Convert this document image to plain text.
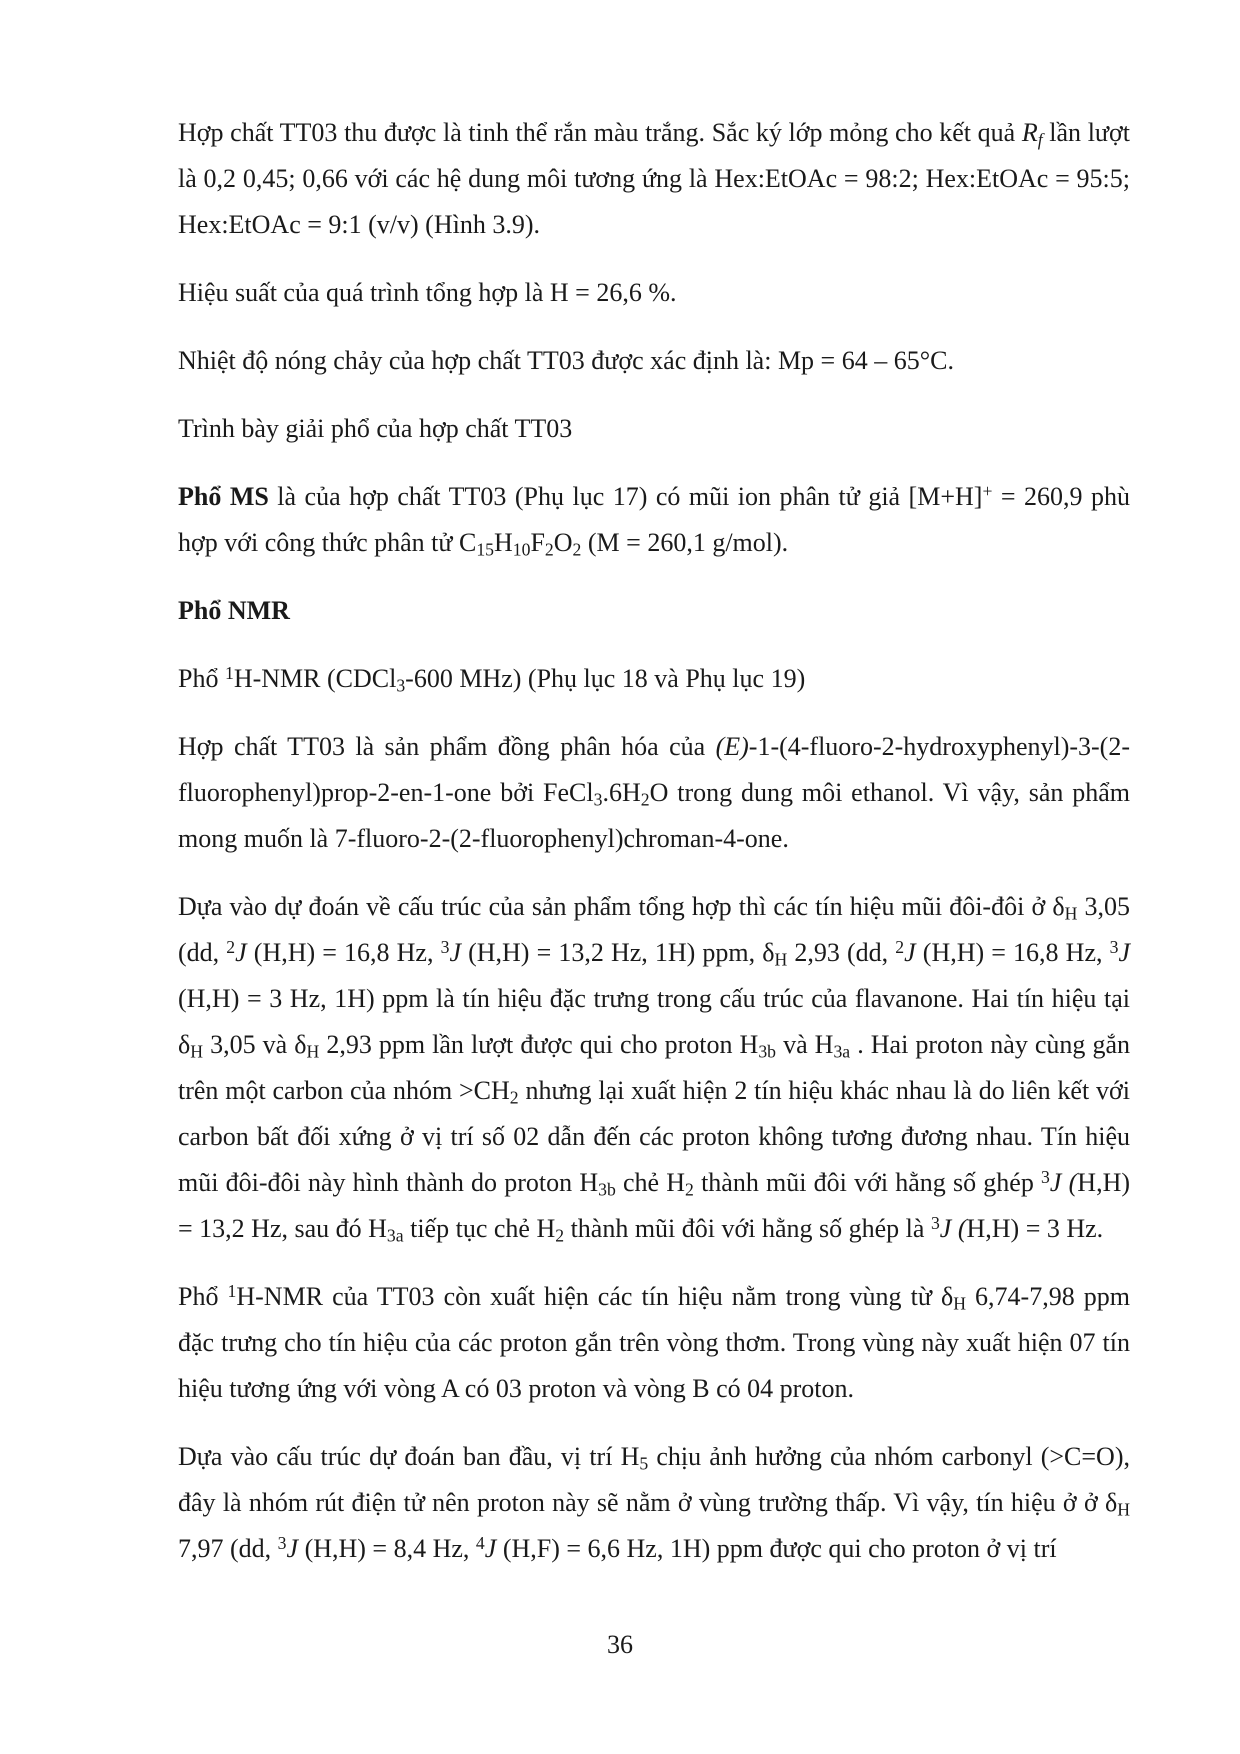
Hợp chất TT03 thu được là tinh thể rắn màu trắng. Sắc ký lớp mỏng cho kết quả $R_f$ lần lượt là 0,2 0,45; 0,66 với các hệ dung môi tương ứng là Hex:EtOAc = 98:2; Hex:EtOAc = 95:5; Hex:EtOAc = 9:1 (v/v) (Hình 3.9).

Hiệu suất của quá trình tổng hợp là H = 26,6 %.

Nhiệt độ nóng chảy của hợp chất TT03 được xác định là: Mp = 64 – 65°C.

Trình bày giải phổ của hợp chất TT03

Phổ MS là của hợp chất TT03 (Phụ lục 17) có mũi ion phân tử giả [M+H]+ = 260,9 phù hợp với công thức phân tử $C_{15}H_{10}F_2O_2$ (M = 260,1 g/mol).

Phổ NMR

Phổ $^1$H-NMR (CDCl$_3$-600 MHz) (Phụ lục 18 và Phụ lục 19)

Hợp chất TT03 là sản phẩm đồng phân hóa của (E)-1-(4-fluoro-2-hydroxyphenyl)-3-(2-fluorophenyl)prop-2-en-1-one bởi $FeCl_3.6H_2O$ trong dung môi ethanol. Vì vậy, sản phẩm mong muốn là 7-fluoro-2-(2-fluorophenyl)chroman-4-one.

Dựa vào dự đoán về cấu trúc của sản phẩm tổng hợp thì các tín hiệu mũi đôi-đôi ở $\delta_H$ 3,05 (dd, $^2$J (H,H) = 16,8 Hz, $^3$J (H,H) = 13,2 Hz, 1H) ppm, $\delta_H$ 2,93 (dd, $^2$J (H,H) = 16,8 Hz, $^3$J (H,H) = 3 Hz, 1H) ppm là tín hiệu đặc trưng trong cấu trúc của flavanone. Hai tín hiệu tại $\delta_H$ 3,05 và $\delta_H$ 2,93 ppm lần lượt được qui cho proton $H_{3b}$ và $H_{3a}$ . Hai proton này cùng gắn trên một carbon của nhóm $>CH_2$ nhưng lại xuất hiện 2 tín hiệu khác nhau là do liên kết với carbon bất đối xứng ở vị trí số 02 dẫn đến các proton không tương đương nhau. Tín hiệu mũi đôi-đôi này hình thành do proton $H_{3b}$ chẻ $H_2$ thành mũi đôi với hằng số ghép $^3$J (H,H) = 13,2 Hz, sau đó $H_{3a}$ tiếp tục chẻ $H_2$ thành mũi đôi với hằng số ghép là $^3$J (H,H) = 3 Hz.

Phổ $^1$H-NMR của TT03 còn xuất hiện các tín hiệu nằm trong vùng từ $\delta_H$ 6,74-7,98 ppm đặc trưng cho tín hiệu của các proton gắn trên vòng thơm. Trong vùng này xuất hiện 07 tín hiệu tương ứng với vòng A có 03 proton và vòng B có 04 proton.

Dựa vào cấu trúc dự đoán ban đầu, vị trí $H_5$ chịu ảnh hưởng của nhóm carbonyl (>C=O), đây là nhóm rút điện tử nên proton này sẽ nằm ở vùng trường thấp. Vì vậy, tín hiệu ở ở $\delta_H$ 7,97 (dd, $^3$J (H,H) = 8,4 Hz, $^4$J (H,F) = 6,6 Hz, 1H) ppm được qui cho proton ở vị trí

36
